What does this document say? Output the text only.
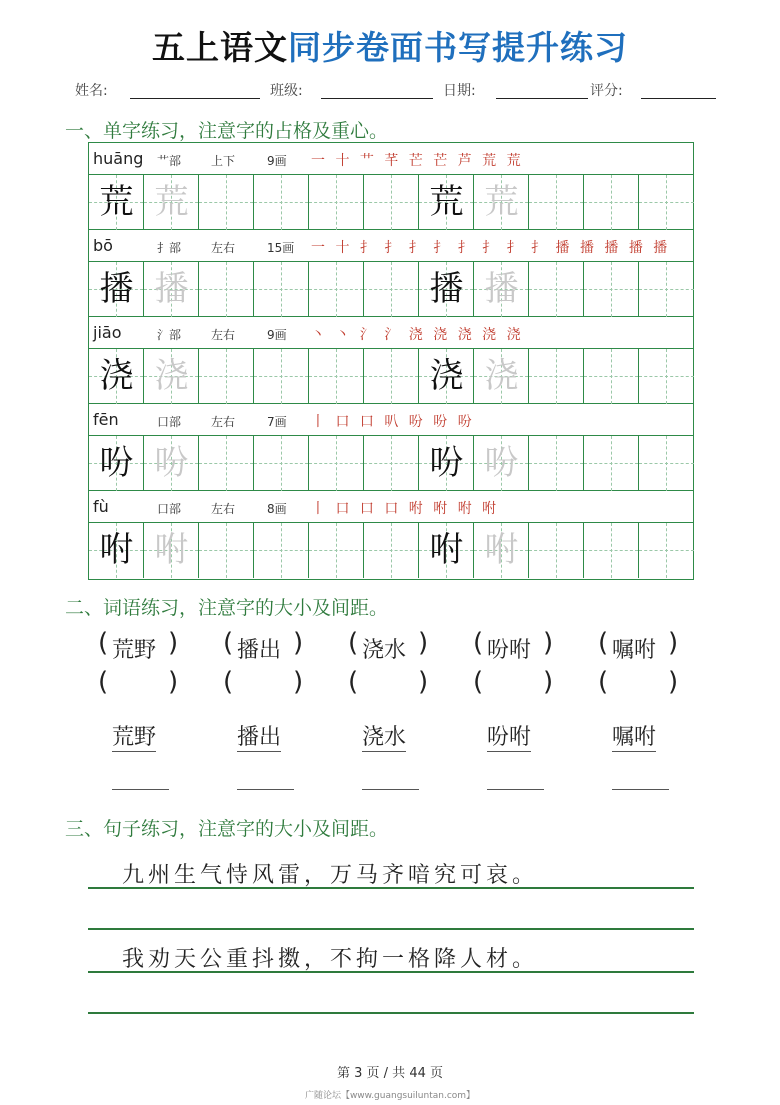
五上语文同步卷面书写提升练习
姓名:	班级:	日期:	评分:
一、单字练习，注意字的占格及重心。
huāng 艹部 上下	9画 一 十 艹 芊 芒 芒 芦 荒 荒
荒 荒	荒 荒
bō	扌部 左右	15画 一 十 扌 扌 扌 扌 扌 扌 扌 扌 播 播 播 播 播
播 播	播 播
jiāo	氵部 左右	9画 丶 丶 氵 氵 浇 浇 浇 浇 浇
浇 浇	浇 浇
fēn	口部 左右	7画 丨 口 口 叭 吩 吩 吩
吩 吩	吩 吩
fù	口部 左右	8画 丨 口 口 口 咐 咐 咐 咐
咐 咐	咐 咐
二、词语练习，注意字的大小及间距。
( 荒野 )
( )
荒野
( 播出 )
( )
播出
( 浇水 )
( )
浇水
( 吩咐 )
( )
吩咐
( 嘱咐 )
( )
嘱咐
三、句子练习，注意字的大小及间距。
九州生气恃风雷，万马齐喑究可哀。
我劝天公重抖擞，不拘一格降人材。
第 3 页 / 共 44 页
广随论坛【www.guangsuiluntan.com】
